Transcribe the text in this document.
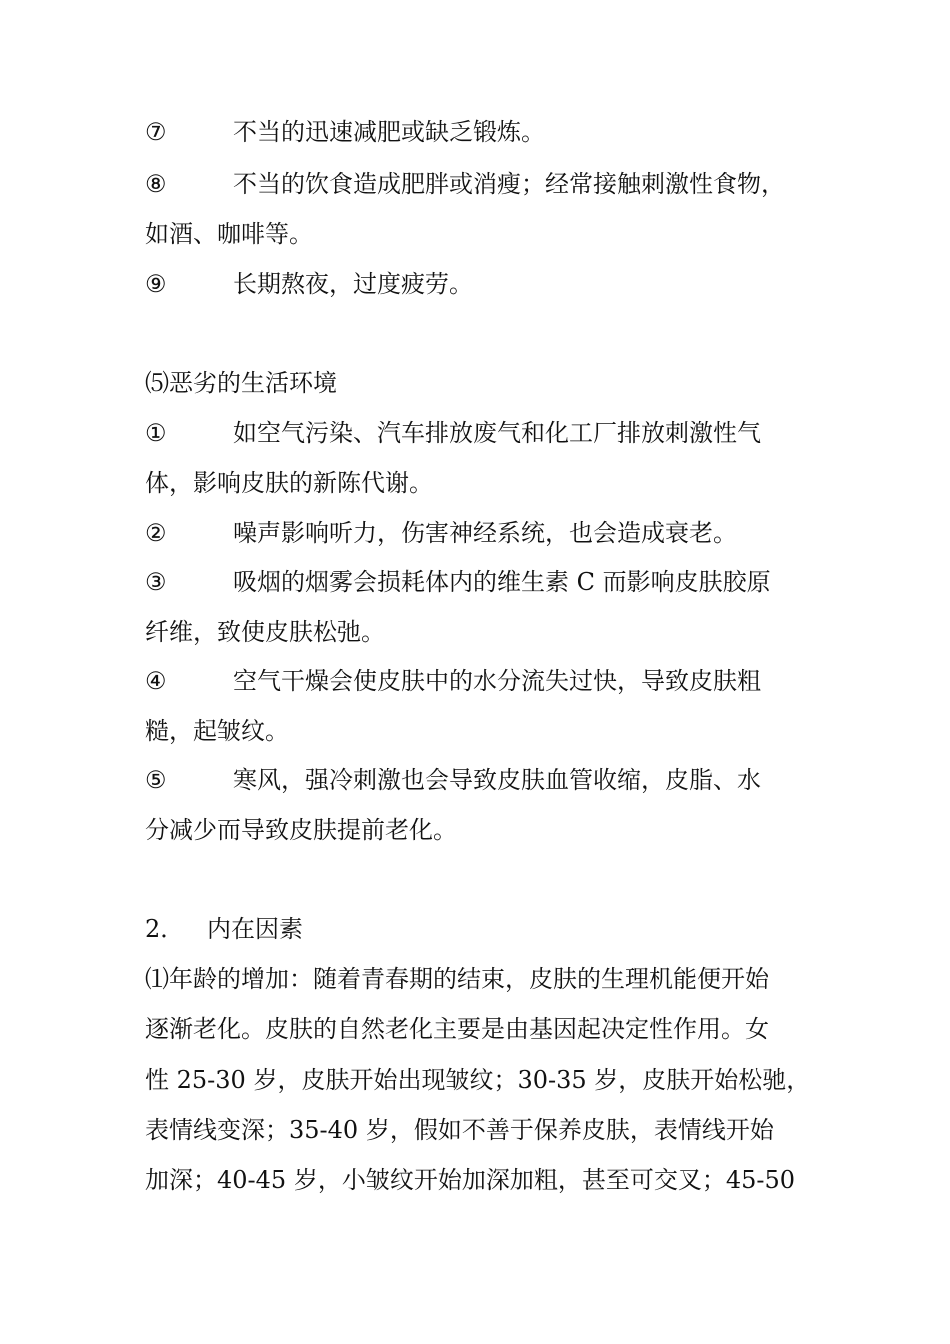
⑦	不当的迅速减肥或缺乏锻炼。
⑧	不当的饮食造成肥胖或消瘦；经常接触刺激性食物，
如酒、咖啡等。
⑨	长期熬夜，过度疲劳。
⑸恶劣的生活环境
①	如空气污染、汽车排放废气和化工厂排放刺激性气
体，影响皮肤的新陈代谢。
②	噪声影响听力，伤害神经系统，也会造成衰老。
③	吸烟的烟雾会损耗体内的维生素 C 而影响皮肤胶原
纤维，致使皮肤松弛。
④	空气干燥会使皮肤中的水分流失过快，导致皮肤粗
糙，起皱纹。
⑤	寒风，强冷刺激也会导致皮肤血管收缩，皮脂、水
分减少而导致皮肤提前老化。
2． 内在因素
⑴年龄的增加：随着青春期的结束，皮肤的生理机能便开始
逐渐老化。皮肤的自然老化主要是由基因起决定性作用。女
性 25-30 岁，皮肤开始出现皱纹；30-35 岁，皮肤开始松驰，
表情线变深；35-40 岁，假如不善于保养皮肤，表情线开始
加深；40-45 岁，小皱纹开始加深加粗，甚至可交叉；45-50
